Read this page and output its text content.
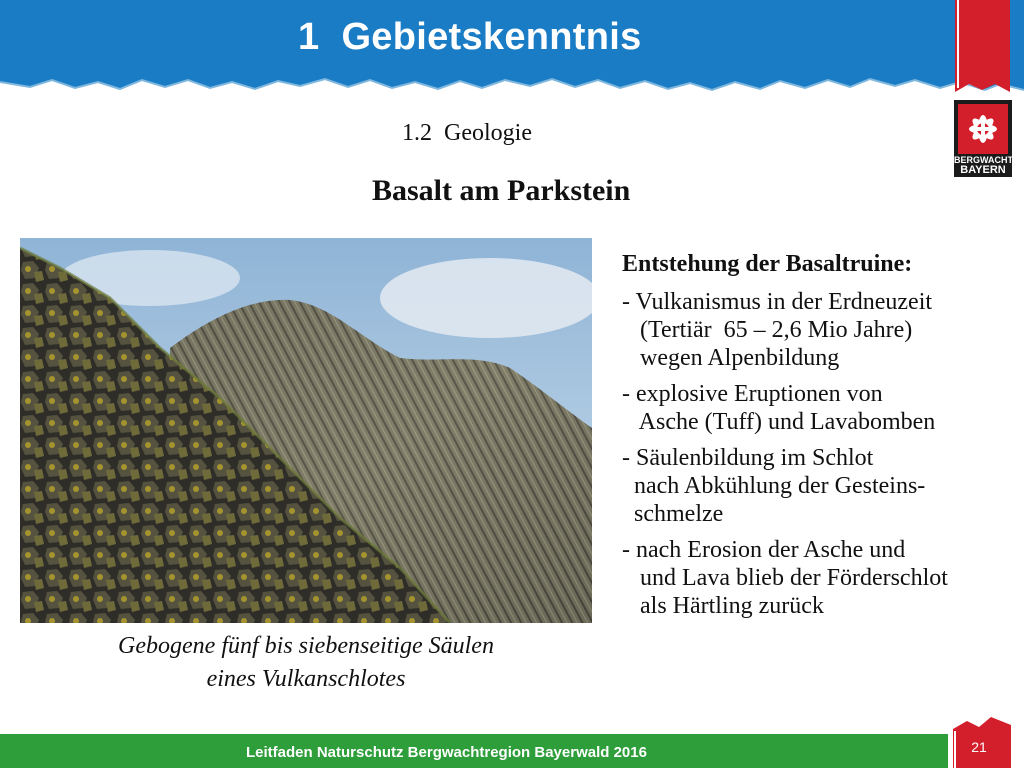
1 Gebietskenntnis
BERGWACHT
BAYERN
1.2  Geologie
Basalt am Parkstein
Gebogene fünf bis siebenseitige Säulen
eines Vulkanschlotes
Entstehung der Basaltruine:
- Vulkanismus in der Erdneuzeit
(Tertiär  65 – 2,6 Mio Jahre)
wegen Alpenbildung
- explosive Eruptionen von
Asche (Tuff) und Lavabomben
- Säulenbildung im Schlot
nach Abkühlung der Gesteins-
schmelze
- nach Erosion der Asche und
und Lava blieb der Förderschlot
als Härtling zurück
Leitfaden Naturschutz Bergwachtregion Bayerwald 2016	21
